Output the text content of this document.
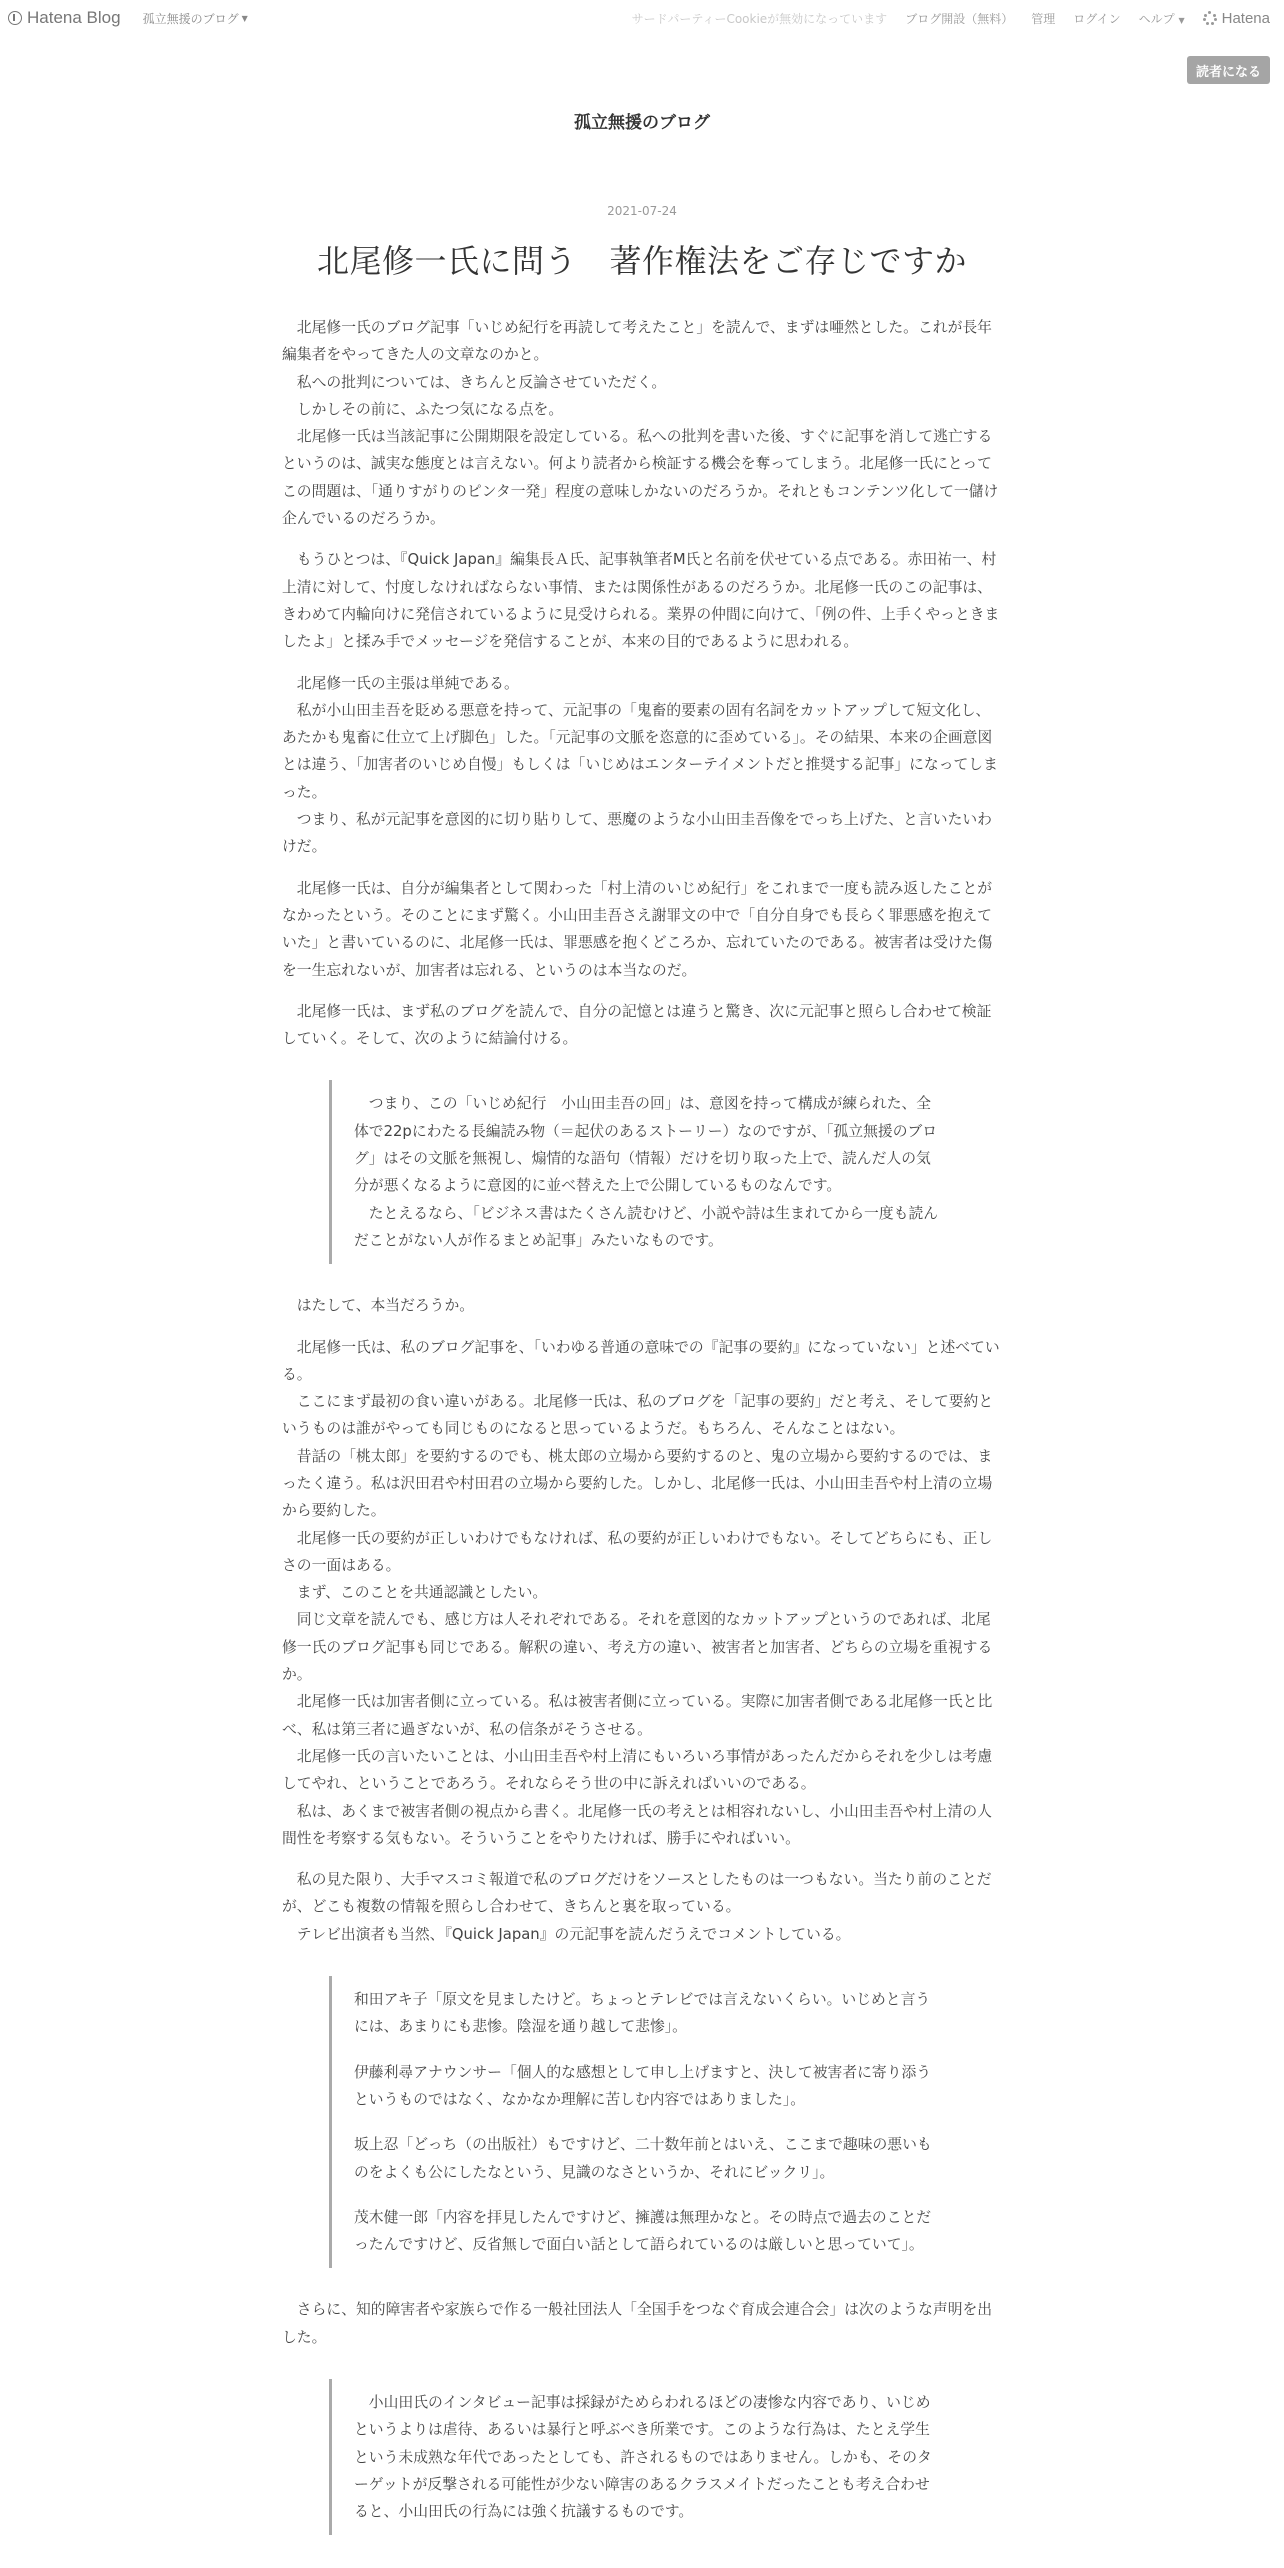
Hatena Blog 孤立無援のブログ ▼	サードパーティーCookieが無効になっています ブログ開設（無料） 管理 ログイン ヘルプ ▼ Hatena
読者になる
孤立無援のブログ
2021-07-24
北尾修一氏に問う　著作権法をご存じですか

　北尾修一氏のブログ記事「いじめ紀行を再読して考えたこと」を読んで、まずは唖然とした。これが長年編集者をやってきた人の文章なのかと。
　私への批判については、きちんと反論させていただく。
　しかしその前に、ふたつ気になる点を。
　北尾修一氏は当該記事に公開期限を設定している。私への批判を書いた後、すぐに記事を消して逃亡するというのは、誠実な態度とは言えない。何より読者から検証する機会を奪ってしまう。北尾修一氏にとってこの問題は、「通りすがりのピンタ一発」程度の意味しかないのだろうか。それともコンテンツ化して一儲け企んでいるのだろうか。

　もうひとつは、『Quick Japan』編集長Ａ氏、記事執筆者M氏と名前を伏せている点である。赤田祐一、村上清に対して、忖度しなければならない事情、または関係性があるのだろうか。北尾修一氏のこの記事は、きわめて内輪向けに発信されているように見受けられる。業界の仲間に向けて、「例の件、上手くやっときましたよ」と揉み手でメッセージを発信することが、本来の目的であるように思われる。

　北尾修一氏の主張は単純である。
　私が小山田圭吾を貶める悪意を持って、元記事の「鬼畜的要素の固有名詞をカットアップして短文化し、あたかも鬼畜に仕立て上げ脚色」した。「元記事の文脈を恣意的に歪めている」。その結果、本来の企画意図とは違う、「加害者のいじめ自慢」もしくは「いじめはエンターテイメントだと推奨する記事」になってしまった。
　つまり、私が元記事を意図的に切り貼りして、悪魔のような小山田圭吾像をでっち上げた、と言いたいわけだ。

　北尾修一氏は、自分が編集者として関わった「村上清のいじめ紀行」をこれまで一度も読み返したことがなかったという。そのことにまず驚く。小山田圭吾さえ謝罪文の中で「自分自身でも長らく罪悪感を抱えていた」と書いているのに、北尾修一氏は、罪悪感を抱くどころか、忘れていたのである。被害者は受けた傷を一生忘れないが、加害者は忘れる、というのは本当なのだ。

　北尾修一氏は、まず私のブログを読んで、自分の記憶とは違うと驚き、次に元記事と照らし合わせて検証していく。そして、次のように結論付ける。

　つまり、この「いじめ紀行　小山田圭吾の回」は、意図を持って構成が練られた、全体で22pにわたる長編読み物（＝起伏のあるストーリー）なのですが、「孤立無援のブログ」はその文脈を無視し、煽情的な語句（情報）だけを切り取った上で、読んだ人の気分が悪くなるように意図的に並べ替えた上で公開しているものなんです。
　たとえるなら、「ビジネス書はたくさん読むけど、小説や詩は生まれてから一度も読んだことがない人が作るまとめ記事」みたいなものです。

　はたして、本当だろうか。

　北尾修一氏は、私のブログ記事を、「いわゆる普通の意味での『記事の要約』になっていない」と述べている。
　ここにまず最初の食い違いがある。北尾修一氏は、私のブログを「記事の要約」だと考え、そして要約というものは誰がやっても同じものになると思っているようだ。もちろん、そんなことはない。
　昔話の「桃太郎」を要約するのでも、桃太郎の立場から要約するのと、鬼の立場から要約するのでは、まったく違う。私は沢田君や村田君の立場から要約した。しかし、北尾修一氏は、小山田圭吾や村上清の立場から要約した。
　北尾修一氏の要約が正しいわけでもなければ、私の要約が正しいわけでもない。そしてどちらにも、正しさの一面はある。
　まず、このことを共通認識としたい。
　同じ文章を読んでも、感じ方は人それぞれである。それを意図的なカットアップというのであれば、北尾修一氏のブログ記事も同じである。解釈の違い、考え方の違い、被害者と加害者、どちらの立場を重視するか。
　北尾修一氏は加害者側に立っている。私は被害者側に立っている。実際に加害者側である北尾修一氏と比べ、私は第三者に過ぎないが、私の信条がそうさせる。
　北尾修一氏の言いたいことは、小山田圭吾や村上清にもいろいろ事情があったんだからそれを少しは考慮してやれ、ということであろう。それならそう世の中に訴えればいいのである。
　私は、あくまで被害者側の視点から書く。北尾修一氏の考えとは相容れないし、小山田圭吾や村上清の人間性を考察する気もない。そういうことをやりたければ、勝手にやればいい。

　私の見た限り、大手マスコミ報道で私のブログだけをソースとしたものは一つもない。当たり前のことだが、どこも複数の情報を照らし合わせて、きちんと裏を取っている。
　テレビ出演者も当然、『Quick Japan』の元記事を読んだうえでコメントしている。

和田アキ子「原文を見ましたけど。ちょっとテレビでは言えないくらい。いじめと言うには、あまりにも悲惨。陰湿を通り越して悲惨」。

伊藤利尋アナウンサー「個人的な感想として申し上げますと、決して被害者に寄り添うというものではなく、なかなか理解に苦しむ内容ではありました」。

坂上忍「どっち（の出版社）もですけど、二十数年前とはいえ、ここまで趣味の悪いものをよくも公にしたなという、見識のなさというか、それにビックリ」。

茂木健一郎「内容を拝見したんですけど、擁護は無理かなと。その時点で過去のことだったんですけど、反省無しで面白い話として語られているのは厳しいと思っていて」。

　さらに、知的障害者や家族らで作る一般社団法人「全国手をつなぐ育成会連合会」は次のような声明を出した。

　小山田氏のインタビュー記事は採録がためらわれるほどの凄惨な内容であり、いじめというよりは虐待、あるいは暴行と呼ぶべき所業です。このような行為は、たとえ学生という未成熟な年代であったとしても、許されるものではありません。しかも、そのターゲットが反撃される可能性が少ない障害のあるクラスメイトだったことも考え合わせると、小山田氏の行為には強く抗議するものです。
